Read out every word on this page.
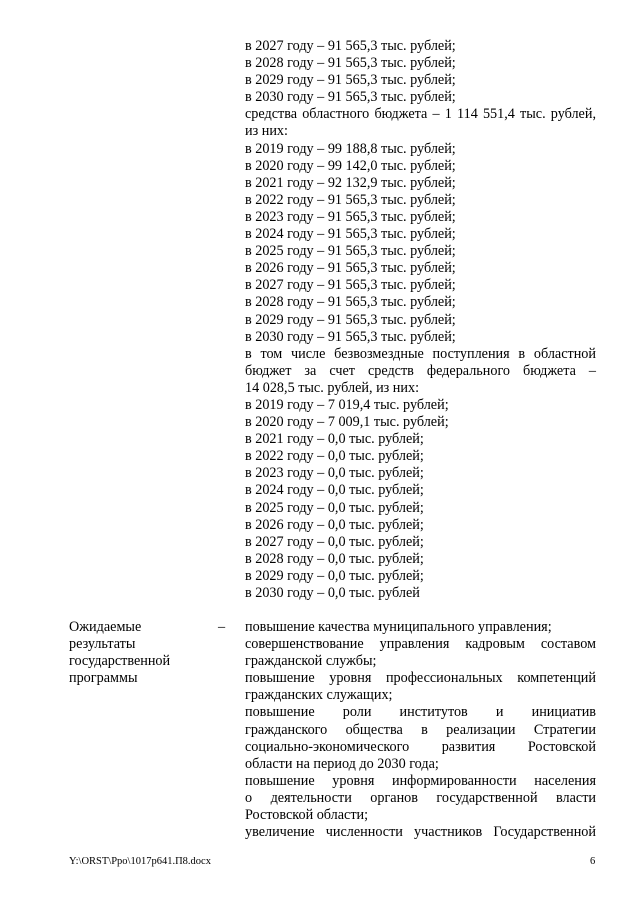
в 2027 году – 91 565,3 тыс. рублей;
в 2028 году – 91 565,3 тыс. рублей;
в 2029 году – 91 565,3 тыс. рублей;
в 2030 году – 91 565,3 тыс. рублей;
средства областного бюджета – 1 114 551,4 тыс. рублей,
из них:
в 2019 году – 99 188,8 тыс. рублей;
в 2020 году – 99 142,0 тыс. рублей;
в 2021 году – 92 132,9 тыс. рублей;
в 2022 году – 91 565,3 тыс. рублей;
в 2023 году – 91 565,3 тыс. рублей;
в 2024 году – 91 565,3 тыс. рублей;
в 2025 году – 91 565,3 тыс. рублей;
в 2026 году – 91 565,3 тыс. рублей;
в 2027 году – 91 565,3 тыс. рублей;
в 2028 году – 91 565,3 тыс. рублей;
в 2029 году – 91 565,3 тыс. рублей;
в 2030 году – 91 565,3 тыс. рублей;
в том числе безвозмездные поступления в областной
бюджет за счет средств федерального бюджета –
14 028,5 тыс. рублей, из них:
в 2019 году – 7 019,4 тыс. рублей;
в 2020 году – 7 009,1 тыс. рублей;
в 2021 году – 0,0 тыс. рублей;
в 2022 году – 0,0 тыс. рублей;
в 2023 году – 0,0 тыс. рублей;
в 2024 году – 0,0 тыс. рублей;
в 2025 году – 0,0 тыс. рублей;
в 2026 году – 0,0 тыс. рублей;
в 2027 году – 0,0 тыс. рублей;
в 2028 году – 0,0 тыс. рублей;
в 2029 году – 0,0 тыс. рублей;
в 2030 году – 0,0 тыс. рублей
Ожидаемые
результаты
государственной
программы
– повышение качества муниципального управления;
совершенствование управления кадровым составом
гражданской службы;
повышение уровня профессиональных компетенций
гражданских служащих;
повышение роли институтов и инициатив
гражданского общества в реализации Стратегии
социально-экономического развития Ростовской
области на период до 2030 года;
повышение уровня информированности населения
о деятельности органов государственной власти
Ростовской области;
увеличение численности участников Государственной
Y:\ORST\Ppo\1017p641.П8.docx	6
